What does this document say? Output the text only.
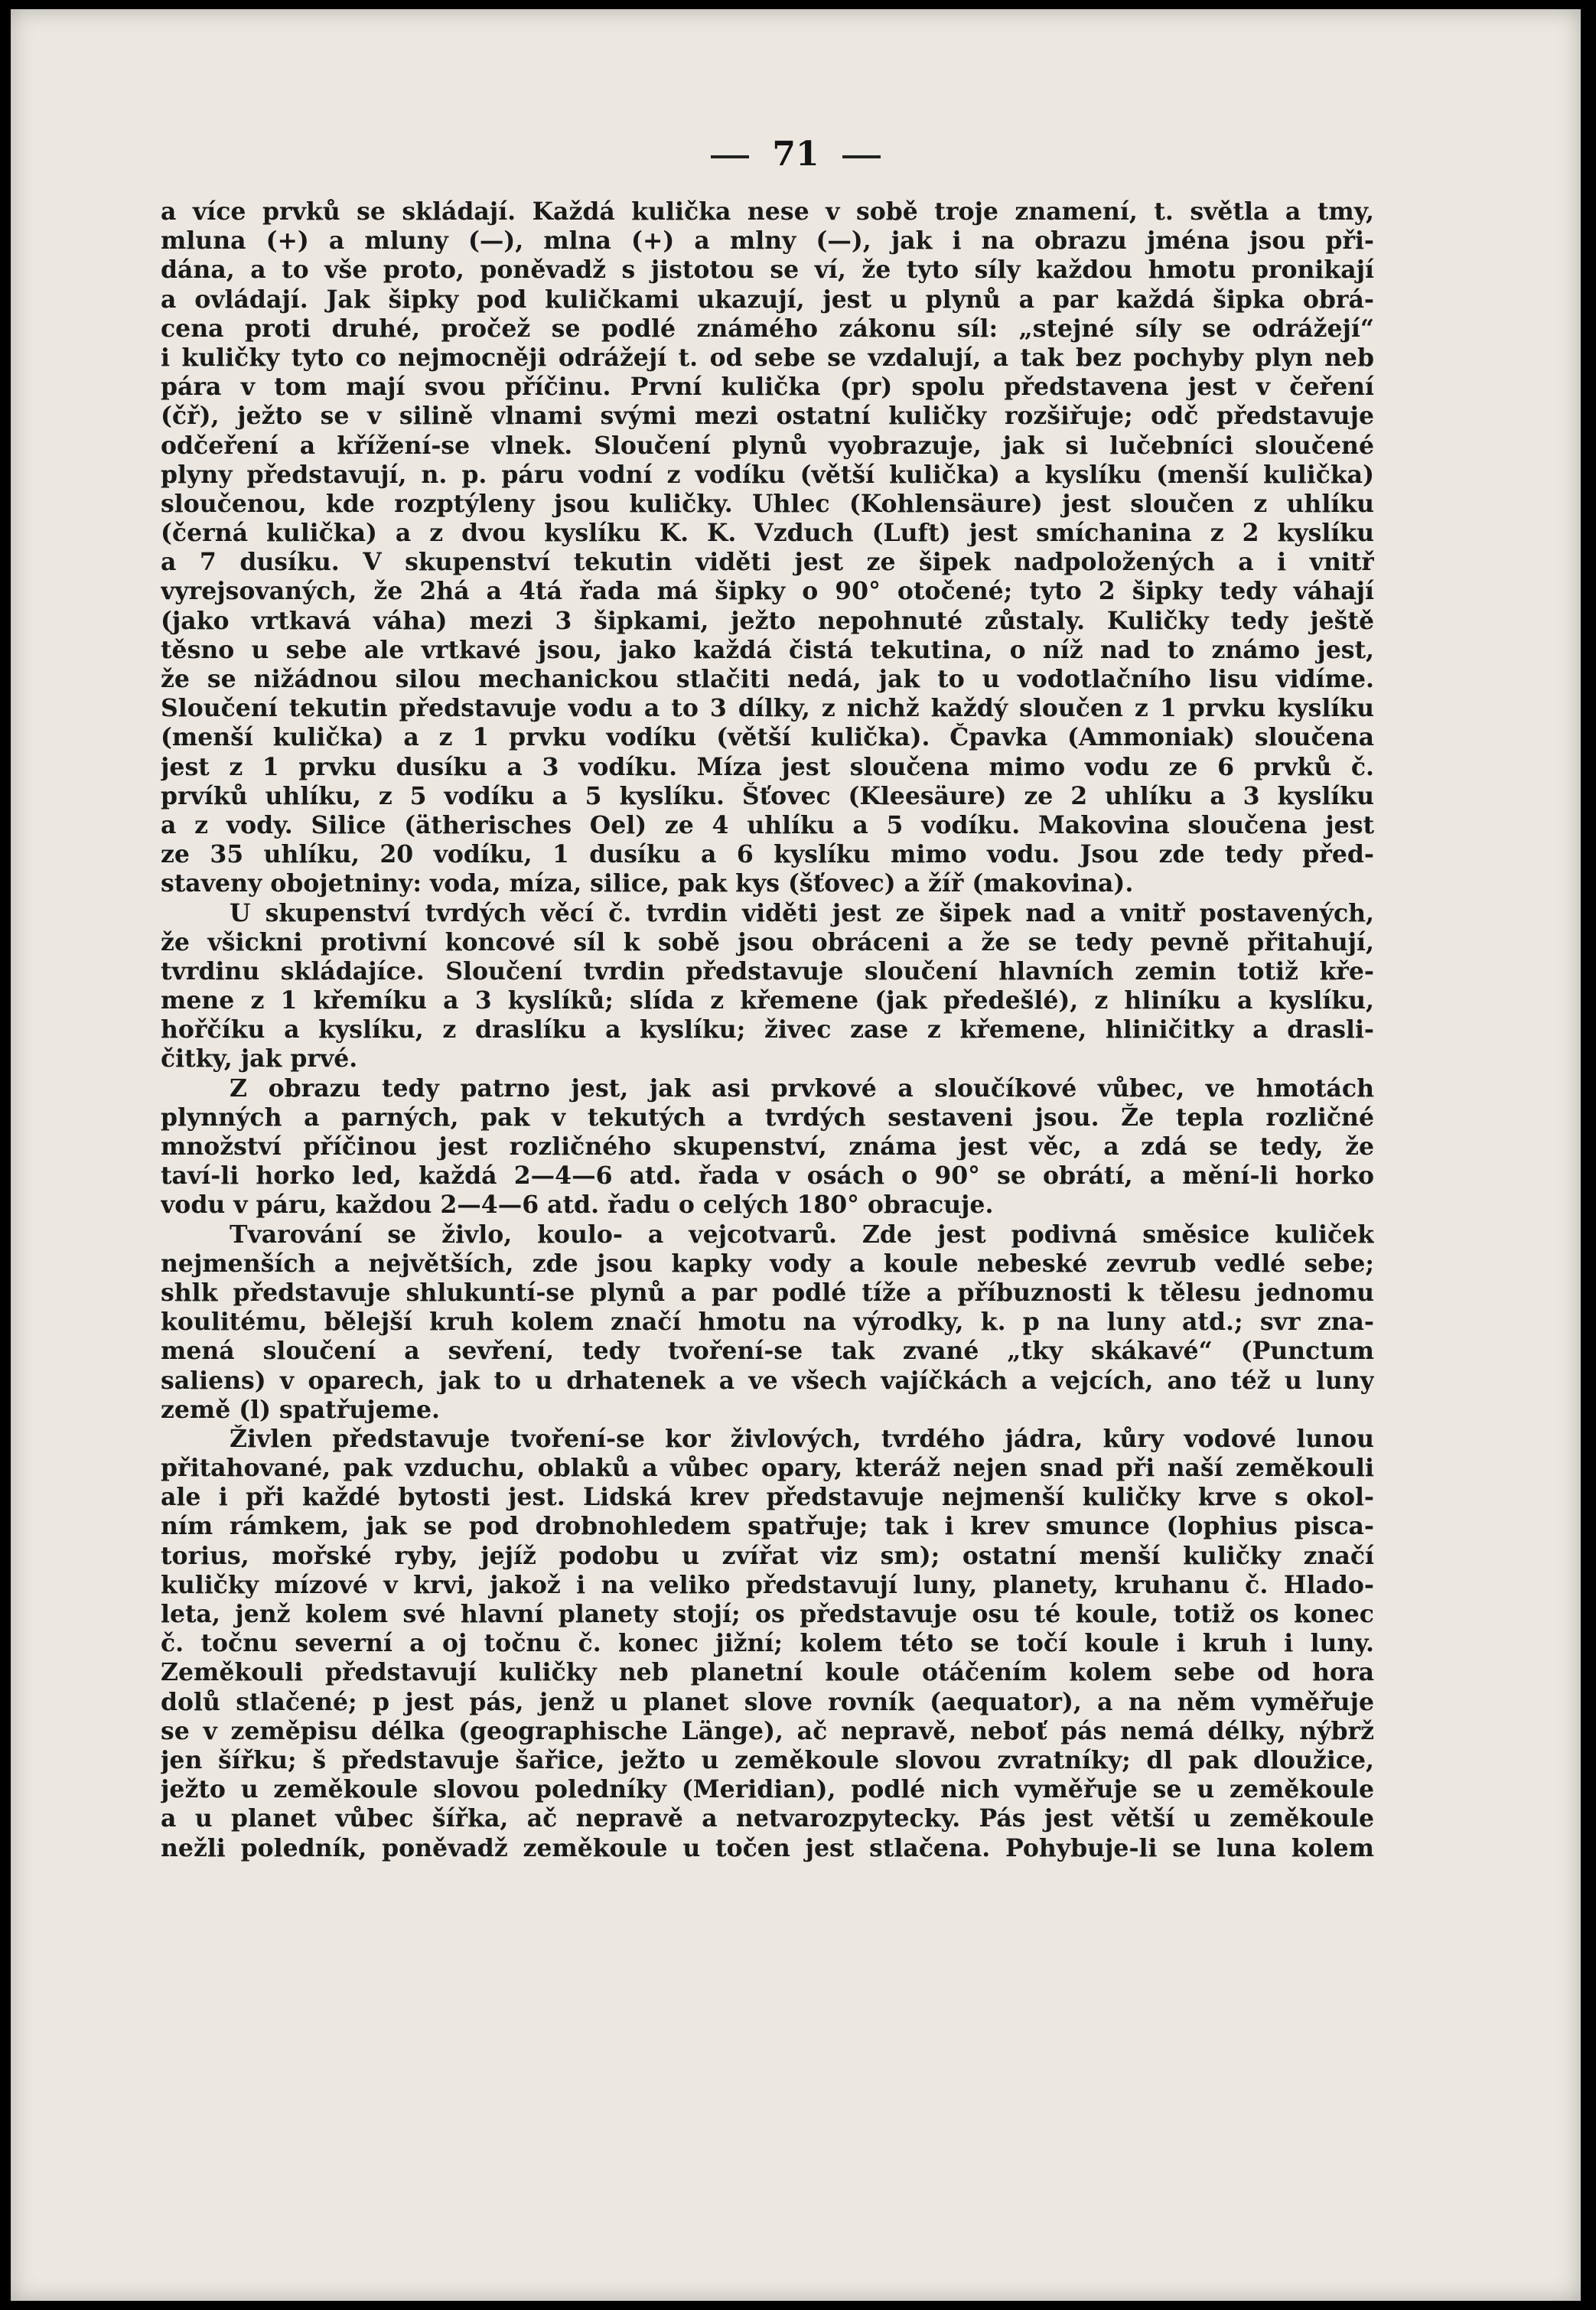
71
a více prvků se skládají. Každá kulička nese v sobě troje znamení, t. světla a tmy,
mluna (+) a mluny (—), mlna (+) a mlny (—), jak i na obrazu jména jsou při-
dána, a to vše proto, poněvadž s jistotou se ví, že tyto síly každou hmotu pronikají
a ovládají. Jak šipky pod kuličkami ukazují, jest u plynů a par každá šipka obrá-
cena proti druhé, pročež se podlé známého zákonu síl: „stejné síly se odrážejí“
i kuličky tyto co nejmocněji odrážejí t. od sebe se vzdalují, a tak bez pochyby plyn neb
pára v tom mají svou příčinu. První kulička (pr) spolu představena jest v čeření
(čř), ježto se v silině vlnami svými mezi ostatní kuličky rozšiřuje; odč představuje
odčeření a křížení-se vlnek. Sloučení plynů vyobrazuje, jak si lučebníci sloučené
plyny představují, n. p. páru vodní z vodíku (větší kulička) a kyslíku (menší kulička)
sloučenou, kde rozptýleny jsou kuličky. Uhlec (Kohlensäure) jest sloučen z uhlíku
(černá kulička) a z dvou kyslíku K. K. Vzduch (Luft) jest smíchanina z 2 kyslíku
a 7 dusíku. V skupenství tekutin viděti jest ze šipek nadpoložených a i vnitř
vyrejsovaných, že 2há a 4tá řada má šipky o 90° otočené; tyto 2 šipky tedy váhají
(jako vrtkavá váha) mezi 3 šipkami, ježto nepohnuté zůstaly. Kuličky tedy ještě
těsno u sebe ale vrtkavé jsou, jako každá čistá tekutina, o níž nad to známo jest,
že se nižádnou silou mechanickou stlačiti nedá, jak to u vodotlačního lisu vidíme.
Sloučení tekutin představuje vodu a to 3 dílky, z nichž každý sloučen z 1 prvku kyslíku
(menší kulička) a z 1 prvku vodíku (větší kulička). Čpavka (Ammoniak) sloučena
jest z 1 prvku dusíku a 3 vodíku. Míza jest sloučena mimo vodu ze 6 prvků č.
prvíků uhlíku, z 5 vodíku a 5 kyslíku. Šťovec (Kleesäure) ze 2 uhlíku a 3 kyslíku
a z vody. Silice (ätherisches Oel) ze 4 uhlíku a 5 vodíku. Makovina sloučena jest
ze 35 uhlíku, 20 vodíku, 1 dusíku a 6 kyslíku mimo vodu. Jsou zde tedy před-
staveny obojetniny: voda, míza, silice, pak kys (šťovec) a žíř (makovina).
U skupenství tvrdých věcí č. tvrdin viděti jest ze šipek nad a vnitř postavených,
že všickni protivní koncové síl k sobě jsou obráceni a že se tedy pevně přitahují,
tvrdinu skládajíce. Sloučení tvrdin představuje sloučení hlavních zemin totiž kře-
mene z 1 křemíku a 3 kyslíků; slída z křemene (jak předešlé), z hliníku a kyslíku,
hořčíku a kyslíku, z draslíku a kyslíku; živec zase z křemene, hliničitky a drasli-
čitky, jak prvé.
Z obrazu tedy patrno jest, jak asi prvkové a sloučíkové vůbec, ve hmotách
plynných a parných, pak v tekutých a tvrdých sestaveni jsou. Že tepla rozličné
množství příčinou jest rozličného skupenství, známa jest věc, a zdá se tedy, že
taví-li horko led, každá 2—4—6 atd. řada v osách o 90° se obrátí, a mění-li horko
vodu v páru, každou 2—4—6 atd. řadu o celých 180° obracuje.
Tvarování se živlo, koulo- a vejcotvarů. Zde jest podivná směsice kuliček
nejmenších a největších, zde jsou kapky vody a koule nebeské zevrub vedlé sebe;
shlk představuje shlukuntí-se plynů a par podlé tíže a příbuznosti k tělesu jednomu
koulitému, bělejší kruh kolem značí hmotu na výrodky, k. p na luny atd.; svr zna-
mená sloučení a sevření, tedy tvoření-se tak zvané „tky skákavé“ (Punctum
saliens) v oparech, jak to u drhatenek a ve všech vajíčkách a vejcích, ano též u luny
země (l) spatřujeme.
Živlen představuje tvoření-se kor živlových, tvrdého jádra, kůry vodové lunou
přitahované, pak vzduchu, oblaků a vůbec opary, kteráž nejen snad při naší zeměkouli
ale i při každé bytosti jest. Lidská krev představuje nejmenší kuličky krve s okol-
ním rámkem, jak se pod drobnohledem spatřuje; tak i krev smunce (lophius pisca-
torius, mořské ryby, jejíž podobu u zvířat viz sm); ostatní menší kuličky značí
kuličky mízové v krvi, jakož i na veliko představují luny, planety, kruhanu č. Hlado-
leta, jenž kolem své hlavní planety stojí; os představuje osu té koule, totiž os konec
č. točnu severní a oj točnu č. konec jižní; kolem této se točí koule i kruh i luny.
Zeměkouli představují kuličky neb planetní koule otáčením kolem sebe od hora
dolů stlačené; p jest pás, jenž u planet slove rovník (aequator), a na něm vyměřuje
se v zeměpisu délka (geographische Länge), ač nepravě, neboť pás nemá délky, nýbrž
jen šířku; š představuje šařice, ježto u zeměkoule slovou zvratníky; dl pak dloužice,
ježto u zeměkoule slovou poledníky (Meridian), podlé nich vyměřuje se u zeměkoule
a u planet vůbec šířka, ač nepravě a netvarozpytecky. Pás jest větší u zeměkoule
nežli poledník, poněvadž zeměkoule u točen jest stlačena. Pohybuje-li se luna kolem
